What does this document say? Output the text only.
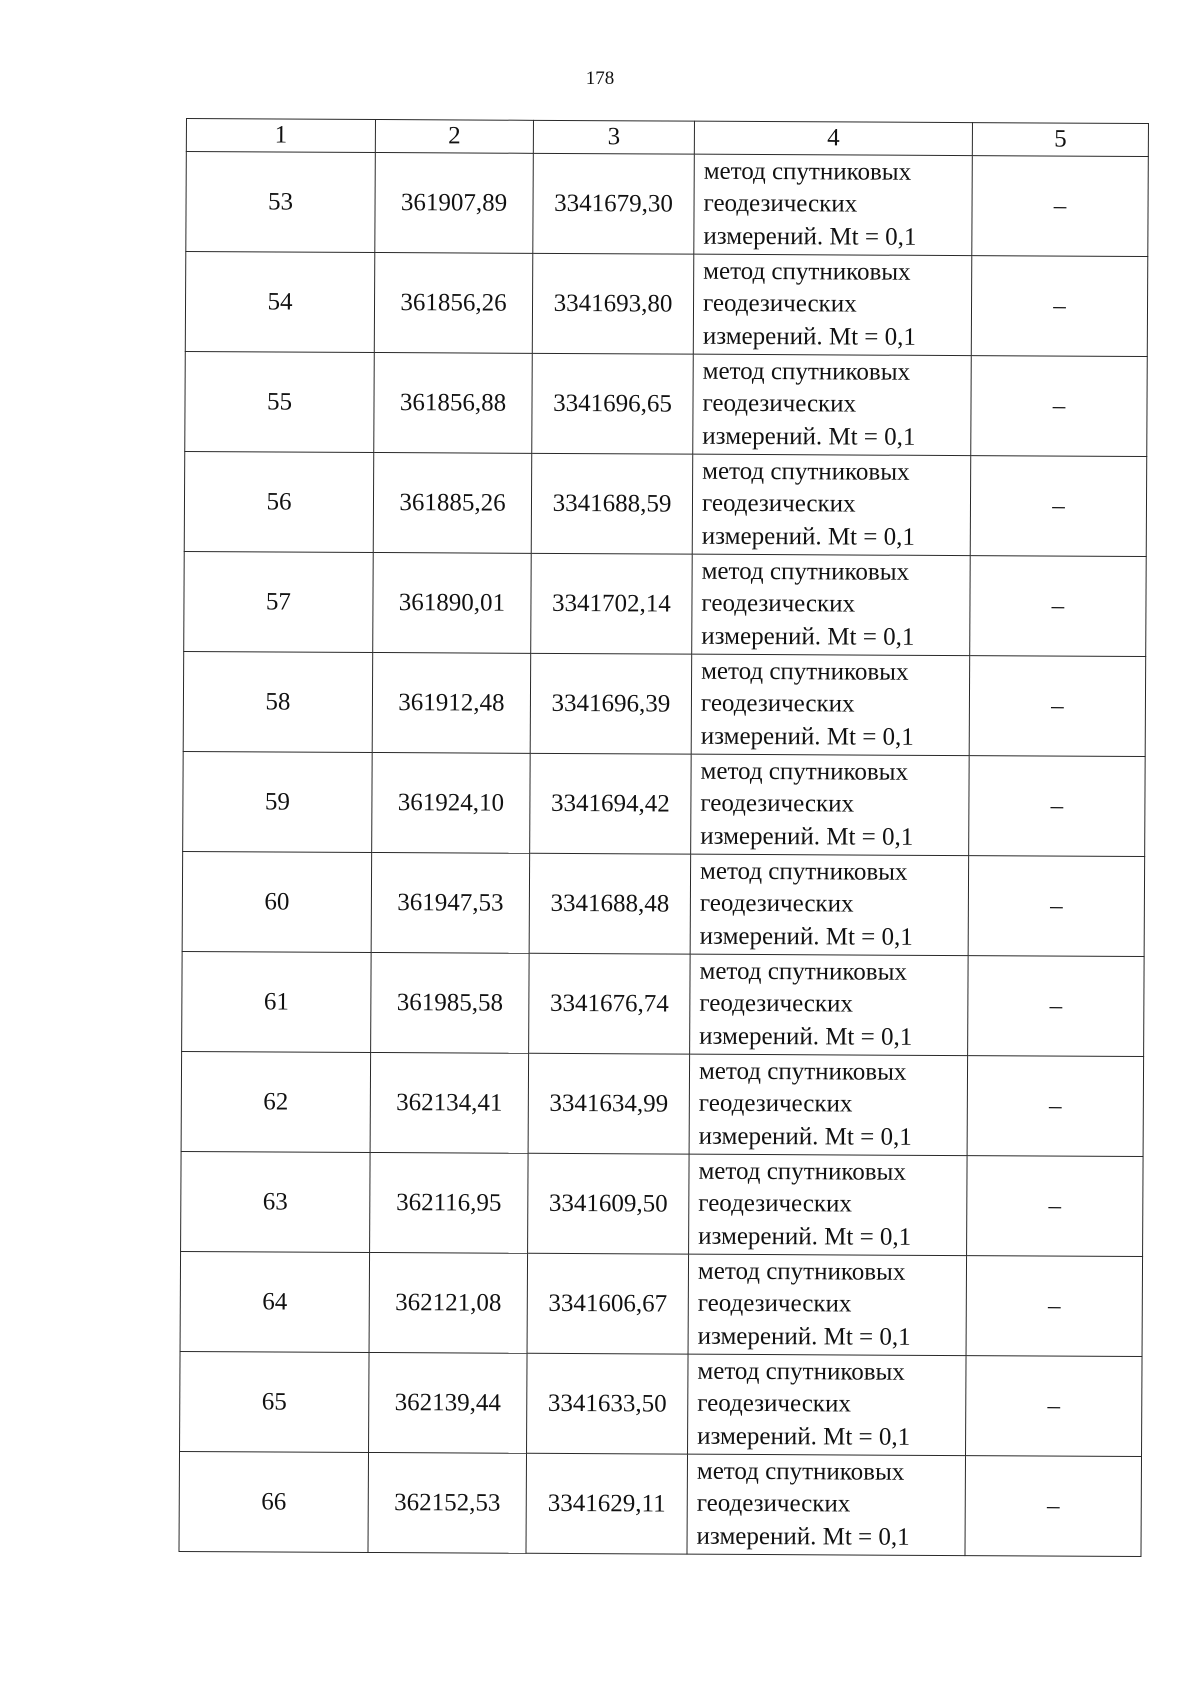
178
1	2	3	4	5
53	361907,89	3341679,30	метод спутниковых
геодезических
измерений. Mt = 0,1	–
54	361856,26	3341693,80	метод спутниковых
геодезических
измерений. Mt = 0,1	–
55	361856,88	3341696,65	метод спутниковых
геодезических
измерений. Mt = 0,1	–
56	361885,26	3341688,59	метод спутниковых
геодезических
измерений. Mt = 0,1	–
57	361890,01	3341702,14	метод спутниковых
геодезических
измерений. Mt = 0,1	–
58	361912,48	3341696,39	метод спутниковых
геодезических
измерений. Mt = 0,1	–
59	361924,10	3341694,42	метод спутниковых
геодезических
измерений. Mt = 0,1	–
60	361947,53	3341688,48	метод спутниковых
геодезических
измерений. Mt = 0,1	–
61	361985,58	3341676,74	метод спутниковых
геодезических
измерений. Mt = 0,1	–
62	362134,41	3341634,99	метод спутниковых
геодезических
измерений. Mt = 0,1	–
63	362116,95	3341609,50	метод спутниковых
геодезических
измерений. Mt = 0,1	–
64	362121,08	3341606,67	метод спутниковых
геодезических
измерений. Mt = 0,1	–
65	362139,44	3341633,50	метод спутниковых
геодезических
измерений. Mt = 0,1	–
66	362152,53	3341629,11	метод спутниковых
геодезических
измерений. Mt = 0,1	–
